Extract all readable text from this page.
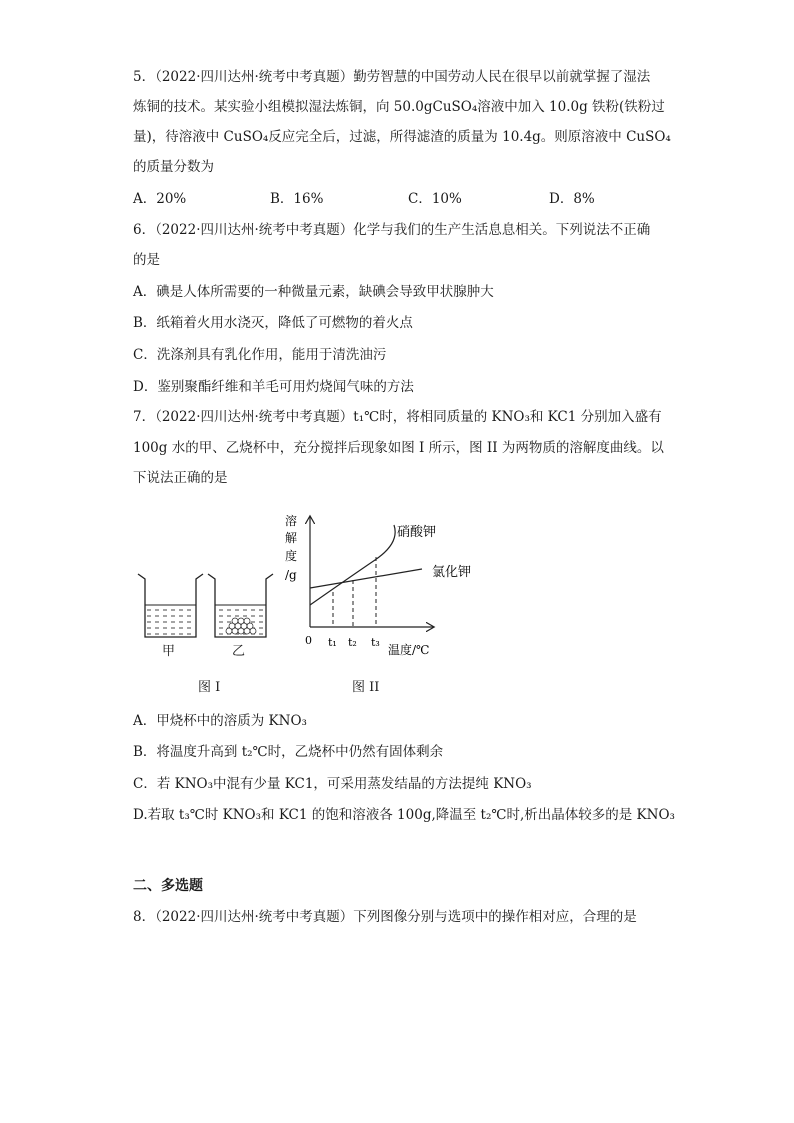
5．（2022·四川达州·统考中考真题）勤劳智慧的中国劳动人民在很早以前就掌握了湿法
炼铜的技术。某实验小组模拟湿法炼铜，向 50.0gCuSO₄溶液中加入 10.0g 铁粉(铁粉过
量)，待溶液中 CuSO₄反应完全后，过滤，所得滤渣的质量为 10.4g。则原溶液中 CuSO₄
的质量分数为
A．20%	B．16%	C．10%	D．8%
6．（2022·四川达州·统考中考真题）化学与我们的生产生活息息相关。下列说法不正确
的是
A．碘是人体所需要的一种微量元素，缺碘会导致甲状腺肿大
B．纸箱着火用水浇灭，降低了可燃物的着火点
C．洗涤剂具有乳化作用，能用于清洗油污
D．鉴别聚酯纤维和羊毛可用灼烧闻气味的方法
7．（2022·四川达州·统考中考真题）t₁℃时，将相同质量的 KNO₃和 KC1 分别加入盛有
100g 水的甲、乙烧杯中，充分搅拌后现象如图 I 所示，图 II 为两物质的溶解度曲线。以
下说法正确的是
甲	乙
图 I
溶
解
度
/g
0 t₁ t₂ t₃
温度/℃
硝酸钾
氯化钾
图 II
A．甲烧杯中的溶质为 KNO₃
B．将温度升高到 t₂℃时，乙烧杯中仍然有固体剩余
C．若 KNO₃中混有少量 KC1，可采用蒸发结晶的方法提纯 KNO₃
D.若取 t₃℃时 KNO₃和 KC1 的饱和溶液各 100g,降温至 t₂℃时,析出晶体较多的是 KNO₃
二、多选题
8．（2022·四川达州·统考中考真题）下列图像分别与选项中的操作相对应，合理的是
